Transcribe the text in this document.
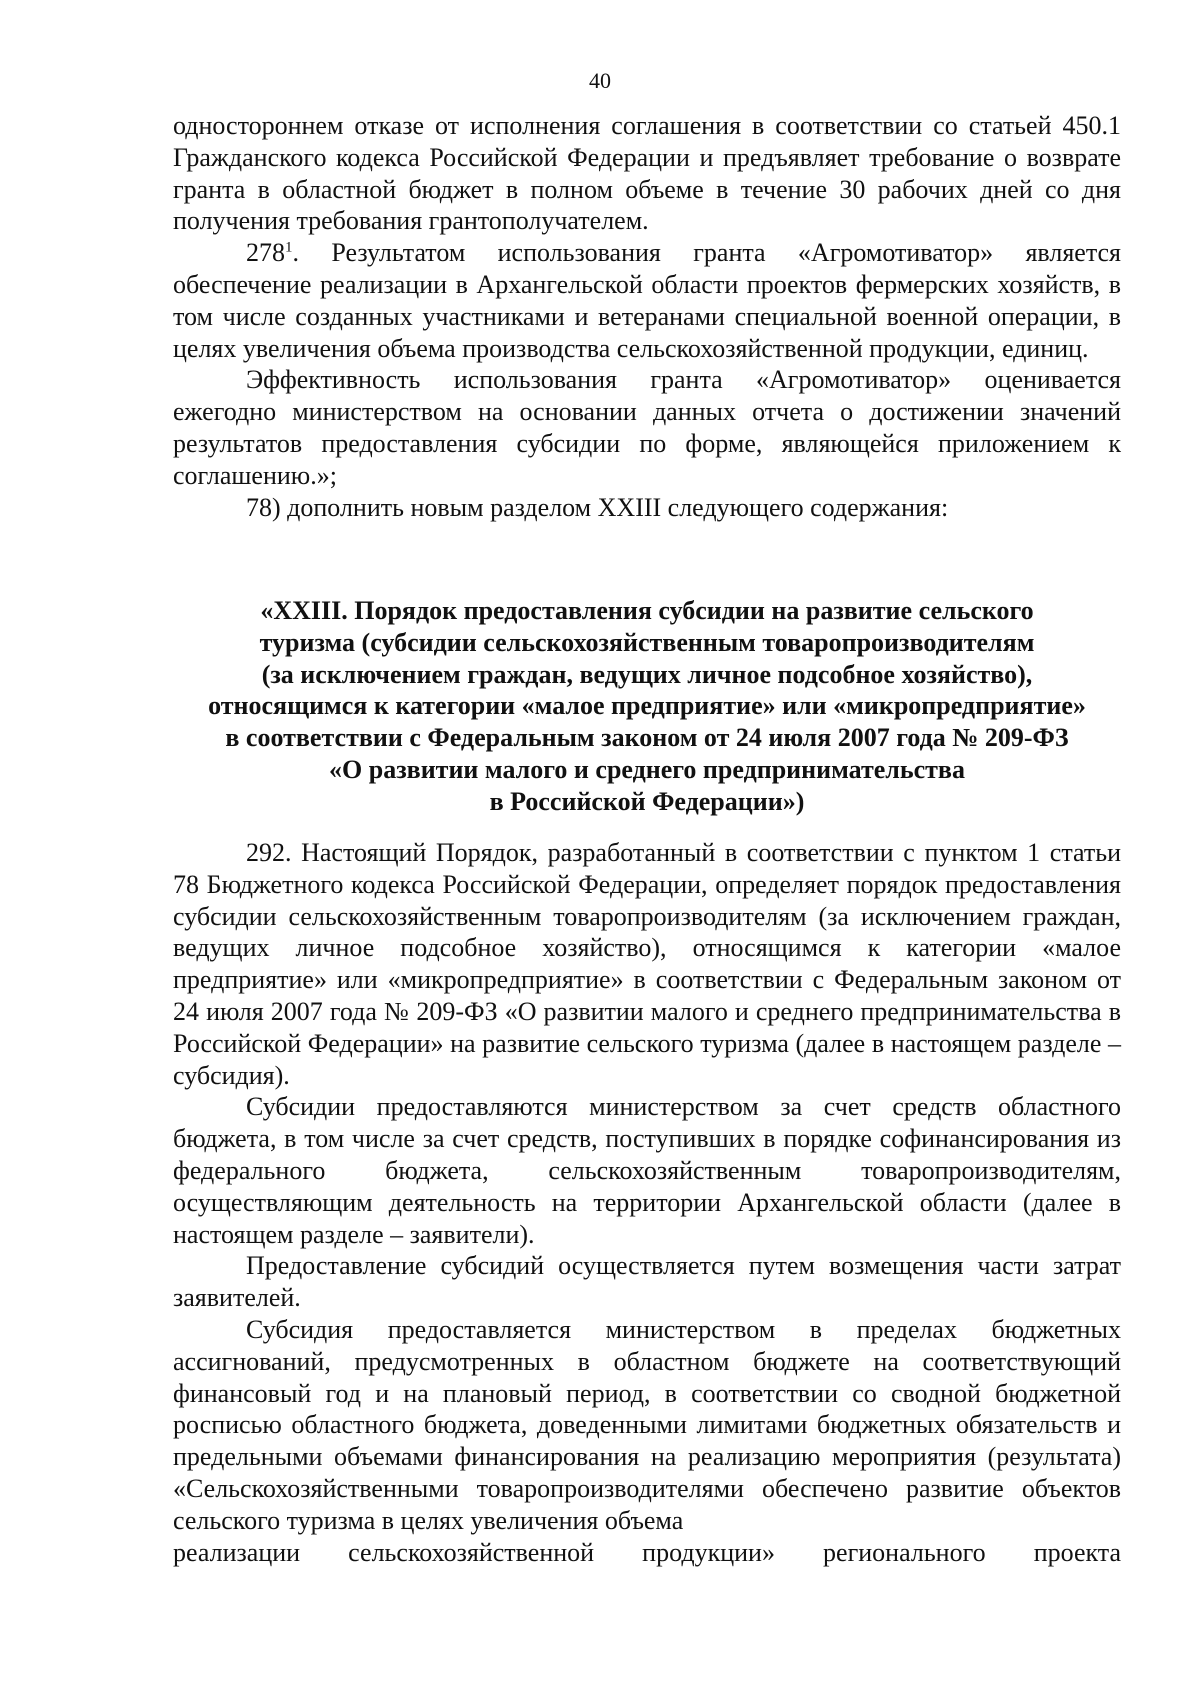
40

одностороннем отказе от исполнения соглашения в соответствии со статьей 450.1 Гражданского кодекса Российской Федерации и предъявляет требование о возврате гранта в областной бюджет в полном объеме в течение 30 рабочих дней со дня получения требования грантополучателем.

$278^1$. Результатом использования гранта «Агромотиватор» является обеспечение реализации в Архангельской области проектов фермерских хозяйств, в том числе созданных участниками и ветеранами специальной военной операции, в целях увеличения объема производства сельскохозяйственной продукции, единиц.

Эффективность использования гранта «Агромотиватор» оценивается ежегодно министерством на основании данных отчета о достижении значений результатов предоставления субсидии по форме, являющейся приложением к соглашению.»;

78) дополнить новым разделом XXIII следующего содержания:

«XXIII. Порядок предоставления субсидии на развитие сельского

туризма (субсидии сельскохозяйственным товаропроизводителям

(за исключением граждан, ведущих личное подсобное хозяйство),

относящимся к категории «малое предприятие» или «микропредприятие»

в соответствии с Федеральным законом от 24 июля 2007 года № 209-ФЗ

«О развитии малого и среднего предпринимательства

в Российской Федерации»)

292. Настоящий Порядок, разработанный в соответствии с пунктом 1 статьи 78 Бюджетного кодекса Российской Федерации, определяет порядок предоставления субсидии сельскохозяйственным товаропроизводителям (за исключением граждан, ведущих личное подсобное хозяйство), относящимся к категории «малое предприятие» или «микропредприятие» в соответствии с Федеральным законом от 24 июля 2007 года № 209-ФЗ «О развитии малого и среднего предпринимательства в Российской Федерации» на развитие сельского туризма (далее в настоящем разделе – субсидия).

Субсидии предоставляются министерством за счет средств областного бюджета, в том числе за счет средств, поступивших в порядке софинансирования из федерального бюджета, сельскохозяйственным товаропроизводителям, осуществляющим деятельность на территории Архангельской области (далее в настоящем разделе – заявители).

Предоставление субсидий осуществляется путем возмещения части затрат заявителей.

Субсидия предоставляется министерством в пределах бюджетных ассигнований, предусмотренных в областном бюджете на соответствующий финансовый год и на плановый период, в соответствии со сводной бюджетной росписью областного бюджета, доведенными лимитами бюджетных обязательств и предельными объемами финансирования на реализацию мероприятия (результата) «Сельскохозяйственными товаропроизводителями обеспечено развитие объектов сельского туризма в целях увеличения объема

реализации сельскохозяйственной продукции» регионального проекта
